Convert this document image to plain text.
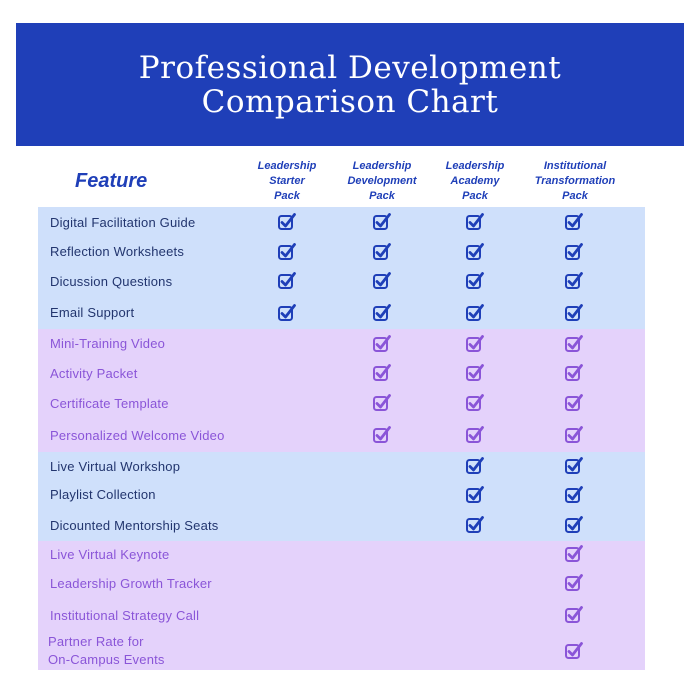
Professional Development
Comparison Chart
Feature
Leadership
Starter
Pack
Leadership
Development
Pack
Leadership
Academy
Pack
Institutional
Transformation
Pack
Digital Facilitation Guide
Reflection Worksheets
Dicussion Questions
Email Support
Mini-Training Video
Activity Packet
Certificate Template
Personalized Welcome Video
Live Virtual Workshop
Playlist Collection
Dicounted Mentorship Seats
Live Virtual Keynote
Leadership Growth Tracker
Institutional Strategy Call
Partner Rate for
On-Campus Events
